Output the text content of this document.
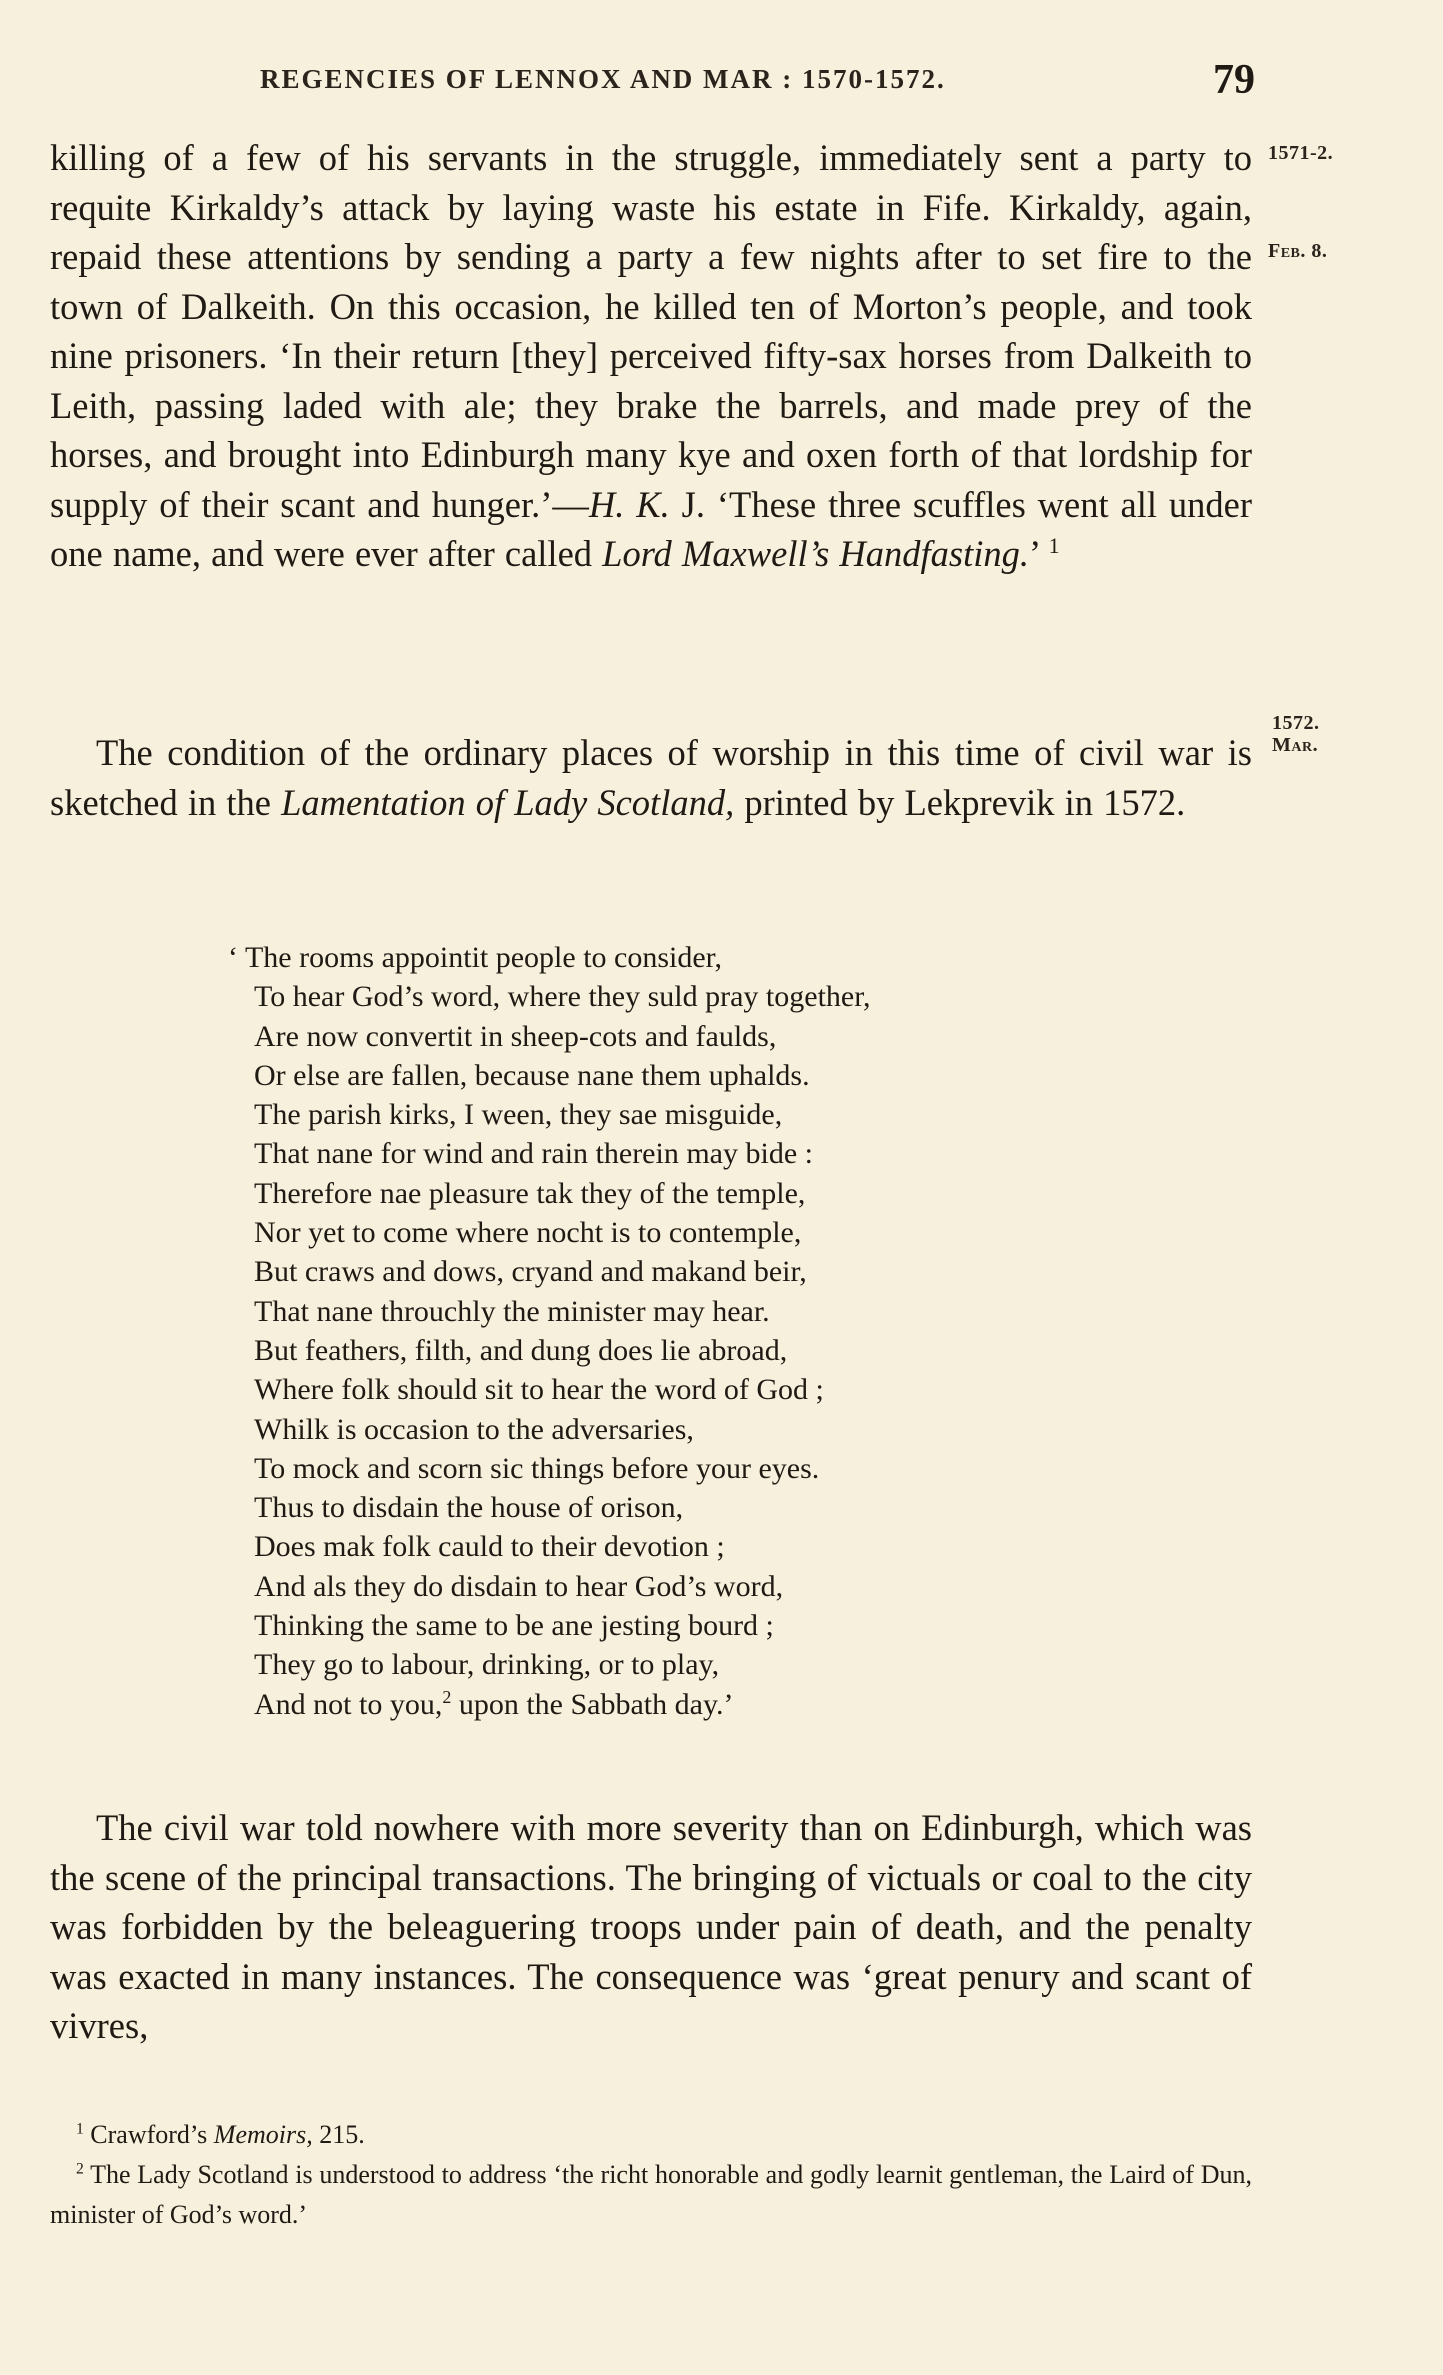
REGENCIES OF LENNOX AND MAR : 1570-1572.	79

killing of a few of his servants in the struggle, immediately sent a party to requite Kirkaldy’s attack by laying waste his estate in Fife. Kirkaldy, again, repaid these attentions by sending a party a few nights after to set fire to the town of Dalkeith. On this occasion, he killed ten of Morton’s people, and took nine prisoners. ‘In their return [they] perceived fifty-sax horses from Dalkeith to Leith, passing laded with ale; they brake the barrels, and made prey of the horses, and brought into Edinburgh many kye and oxen forth of that lordship for supply of their scant and hunger.’—H. K. J. ‘These three scuffles went all under one name, and were ever after called Lord Maxwell’s Handfasting.’ $^1$

1571-2.
Feb. 8.
1572.
Mar.

The condition of the ordinary places of worship in this time of civil war is sketched in the Lamentation of Lady Scotland, printed by Lekprevik in 1572.

‘ The rooms appointit people to consider,
To hear God’s word, where they suld pray together,
Are now convertit in sheep-cots and faulds,
Or else are fallen, because nane them uphalds.
The parish kirks, I ween, they sae misguide,
That nane for wind and rain therein may bide :
Therefore nae pleasure tak they of the temple,
Nor yet to come where nocht is to contemple,
But craws and dows, cryand and makand beir,
That nane throuchly the minister may hear.
But feathers, filth, and dung does lie abroad,
Where folk should sit to hear the word of God ;
Whilk is occasion to the adversaries,
To mock and scorn sic things before your eyes.
Thus to disdain the house of orison,
Does mak folk cauld to their devotion ;
And als they do disdain to hear God’s word,
Thinking the same to be ane jesting bourd ;
They go to labour, drinking, or to play,
And not to you,$^2$ upon the Sabbath day.’

The civil war told nowhere with more severity than on Edinburgh, which was the scene of the principal transactions. The bringing of victuals or coal to the city was forbidden by the beleaguering troops under pain of death, and the penalty was exacted in many instances. The consequence was ‘great penury and scant of vivres,

$^1$ Crawford’s Memoirs, 215.

$^2$ The Lady Scotland is understood to address ‘the richt honorable and godly learnit gentleman, the Laird of Dun, minister of God’s word.’
